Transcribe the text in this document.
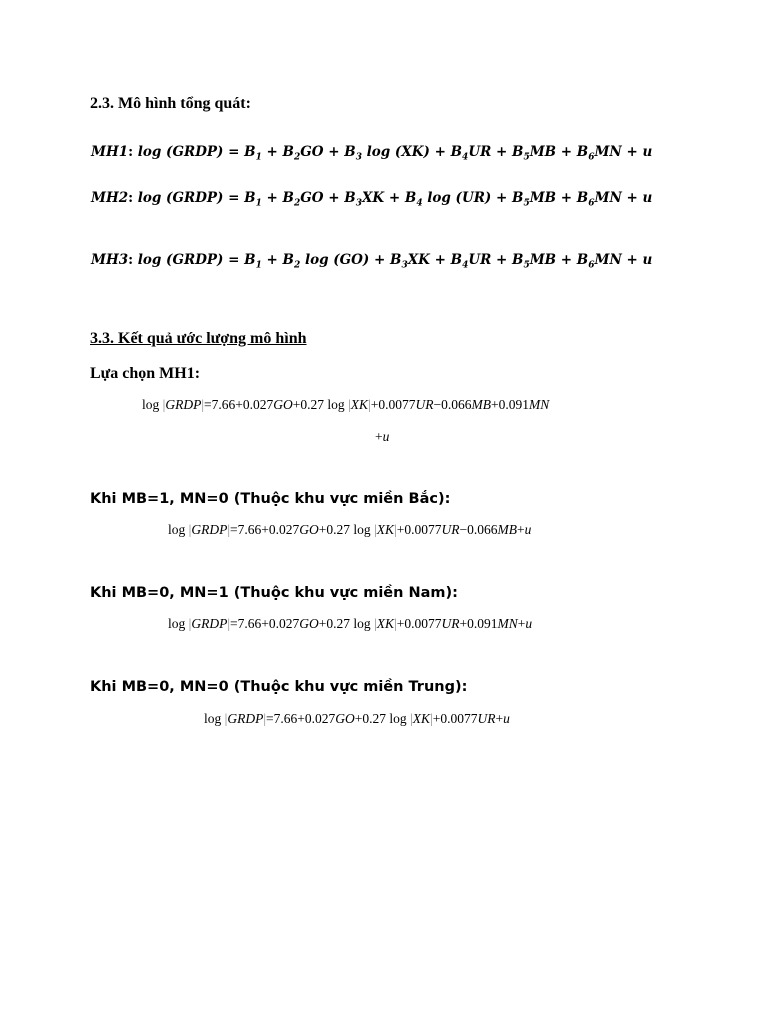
2.3. Mô hình tổng quát:
MH1: log (GRDP) = $B_1 + B_2GO + B_3$ $\log (XK) + B_4UR + B_5MB + B_6MN + u$
MH2: log (GRDP) = $B_1 + B_2GO + B_3XK + B_4$ $\log (UR) + B_5MB + B_6MN + u$
MH3: log (GRDP) = $B_1 + B_2$ $\log (GO) + B_3XK + B_4UR + B_5MB + B_6MN + u$
3.3. Kết quả ước lượng mô hình
Lựa chọn MH1:
log |GRDP|=7.66+0.027GO+0.27 log |XK|+0.0077UR−0.066MB+0.091MN
+u
Khi MB=1, MN=0 (Thuộc khu vực miền Bắc):
log |GRDP|=7.66+0.027GO+0.27 log |XK|+0.0077UR−0.066MB+u
Khi MB=0, MN=1 (Thuộc khu vực miền Nam):
log |GRDP|=7.66+0.027GO+0.27 log |XK|+0.0077UR+0.091MN+u
Khi MB=0, MN=0 (Thuộc khu vực miền Trung):
log |GRDP|=7.66+0.027GO+0.27 log |XK|+0.0077UR+u
